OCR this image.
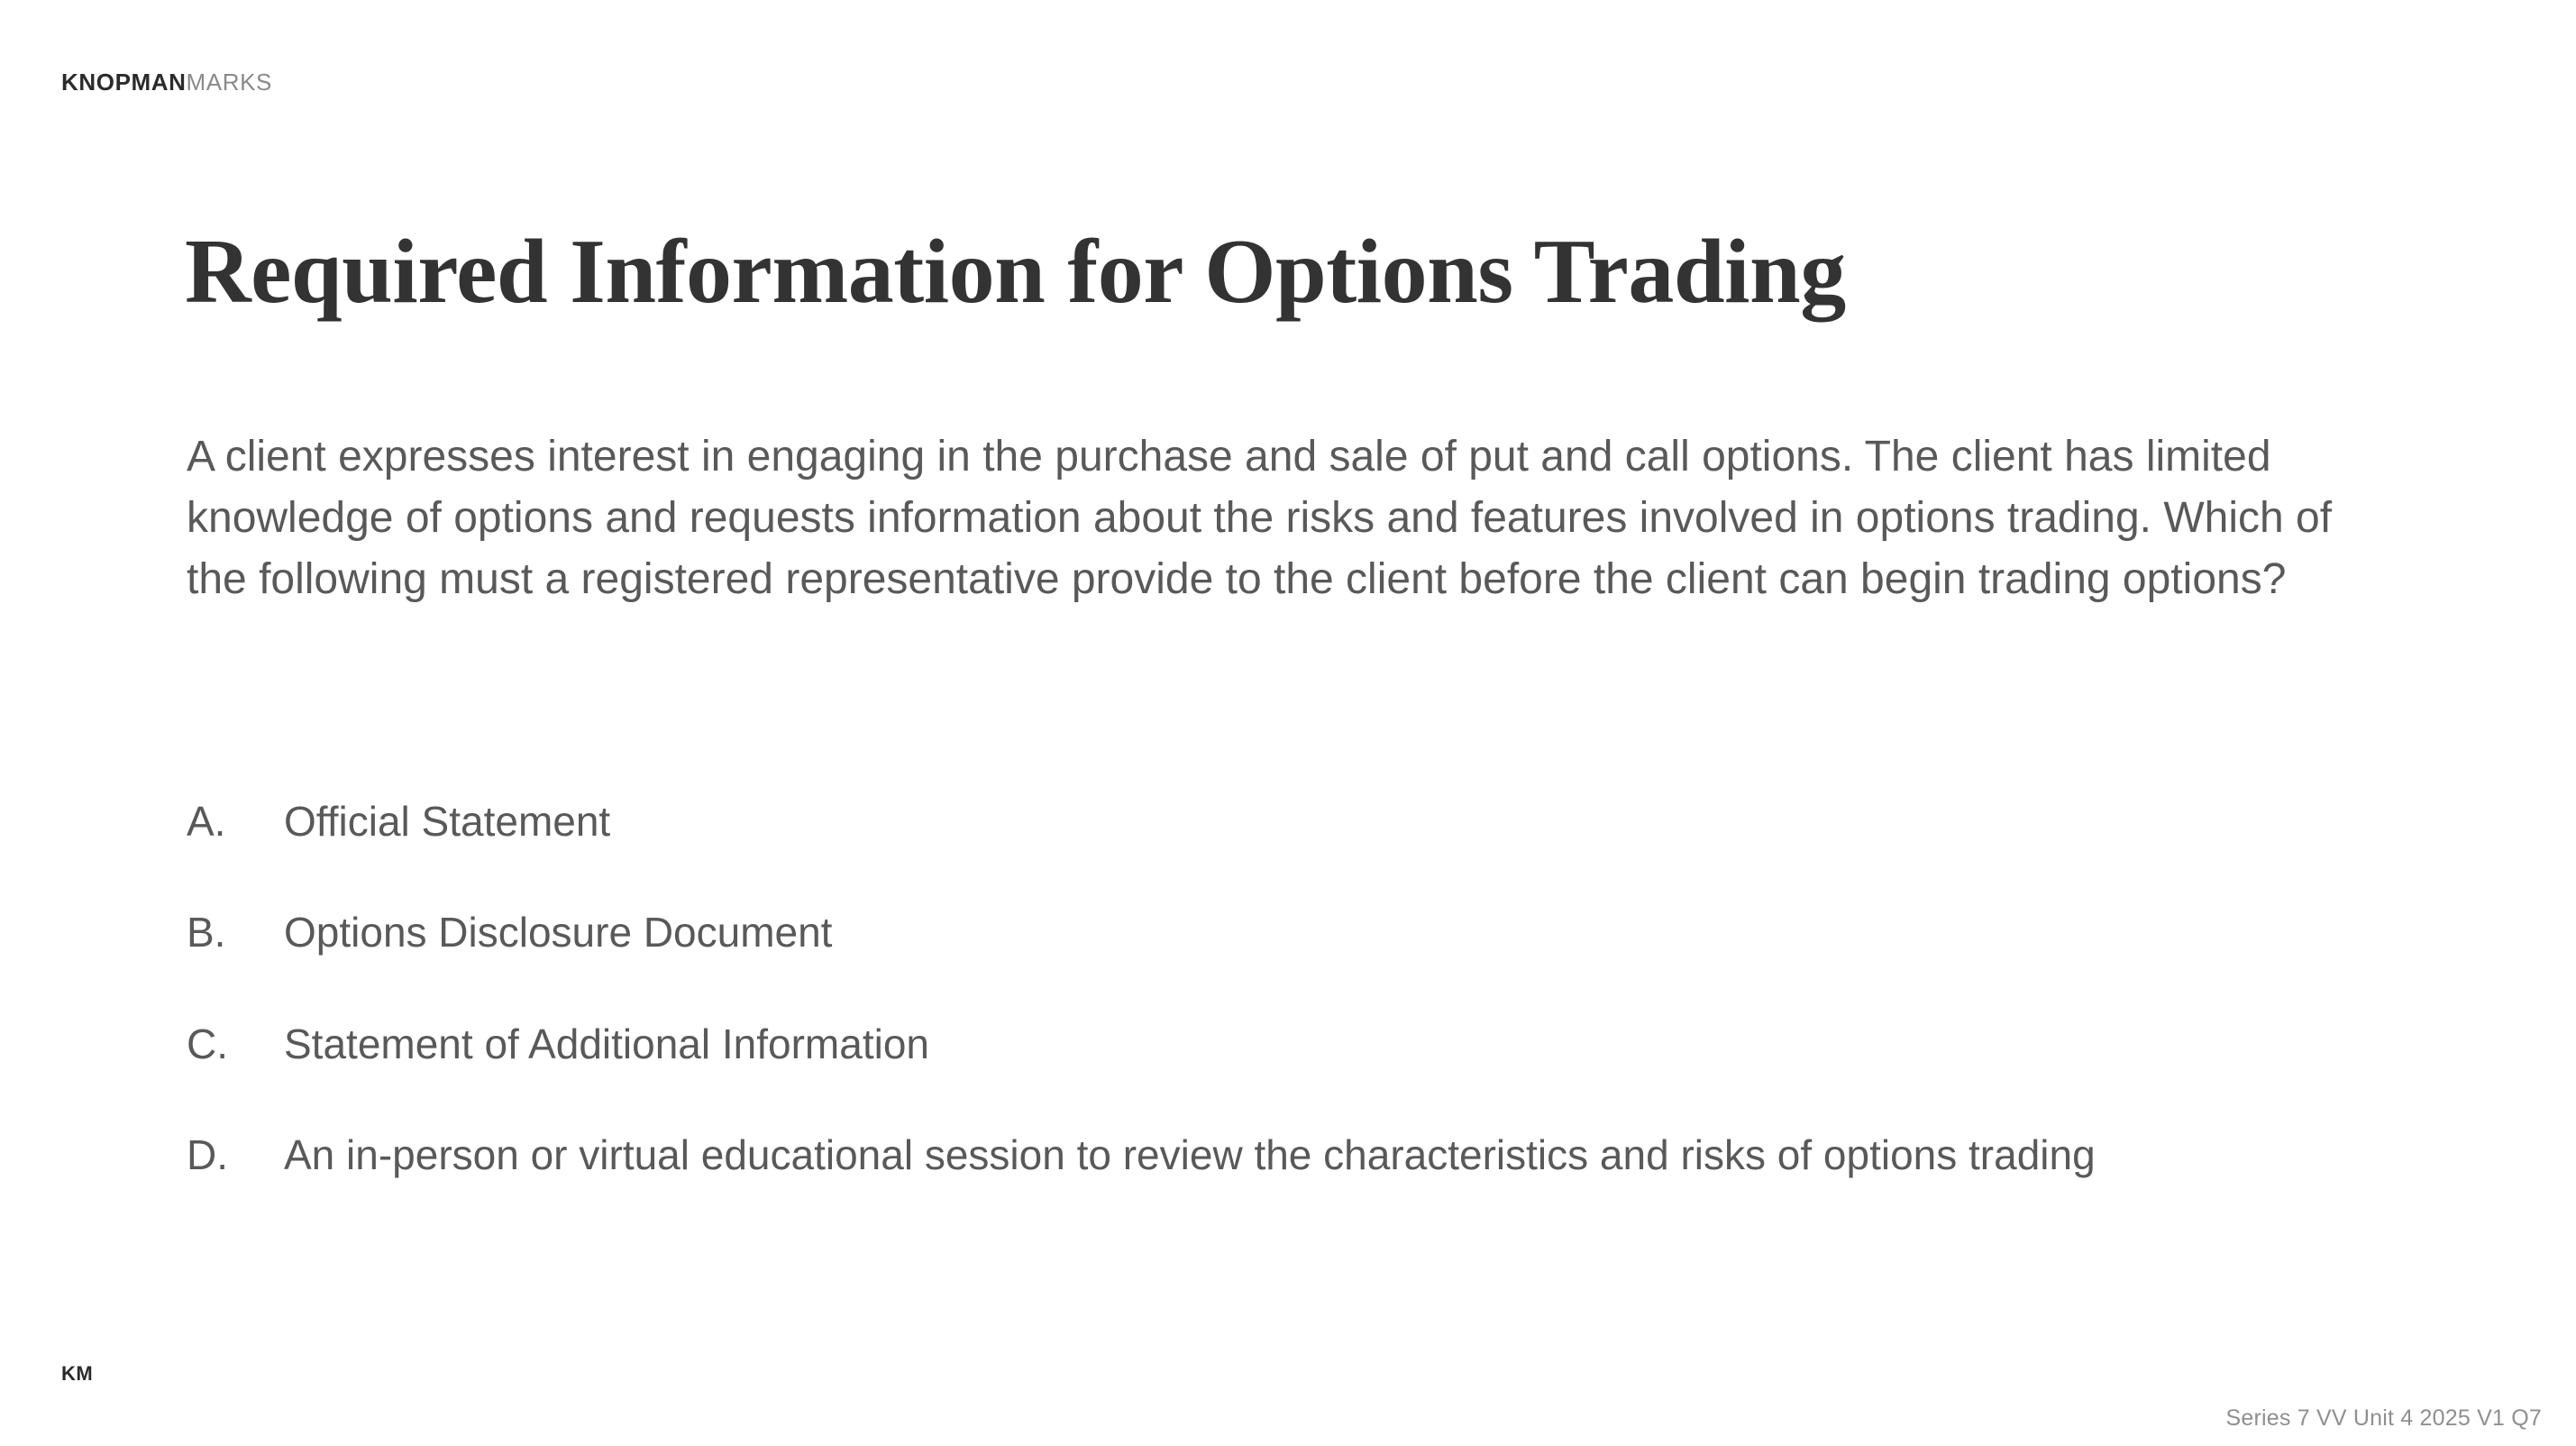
KNOPMANMARKS
Required Information for Options Trading

A client expresses interest in engaging in the purchase and sale of put and call options. The client has limited knowledge of options and requests information about the risks and features involved in options trading. Which of the following must a registered representative provide to the client before the client can begin trading options?

A.	Official Statement
B.	Options Disclosure Document
C.	Statement of Additional Information
D.	An in-person or virtual educational session to review the characteristics and risks of options trading
KM
Series 7 VV Unit 4 2025 V1 Q7
